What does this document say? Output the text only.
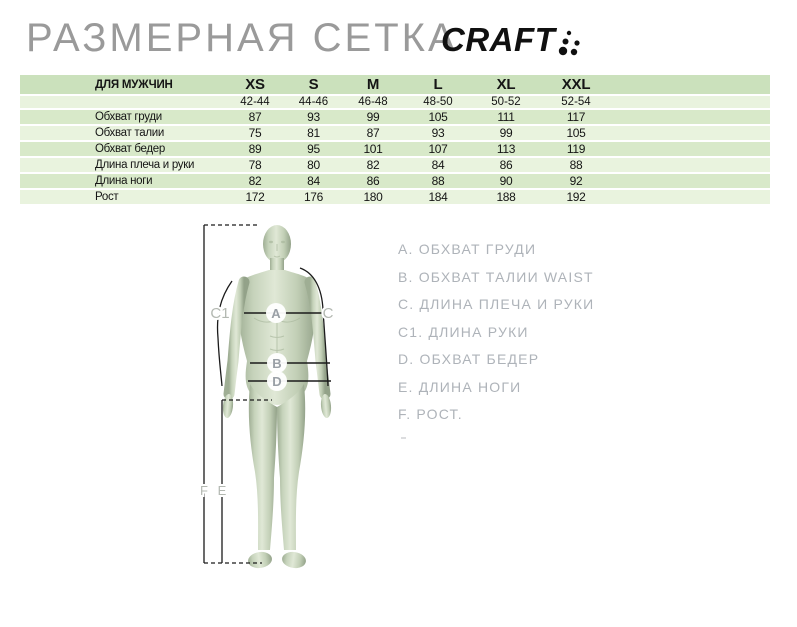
РАЗМЕРНАЯ СЕТКА
CRAFT
ДЛЯ МУЖЧИН	XS	S	M	L	XL	XXL	
	42-44	44-46	46-48	48-50	50-52	52-54	
Обхват груди	87	93	99	105	111	117	
Обхват талии	75	81	87	93	99	105	
Обхват бедер	89	95	101	107	113	119	
Длина плеча и руки	78	80	82	84	86	88	
Длина ноги	82	84	86	88	90	92	
Рост	172	176	180	184	188	192	
A
B
D
C1	C
F E
A. ОБХВАТ ГРУДИ
B. ОБХВАТ ТАЛИИ WAIST
C. ДЛИНА ПЛЕЧА И РУКИ
C1. ДЛИНА РУКИ
D. ОБХВАТ БЕДЕР
E. ДЛИНА НОГИ
F. РОСТ.
